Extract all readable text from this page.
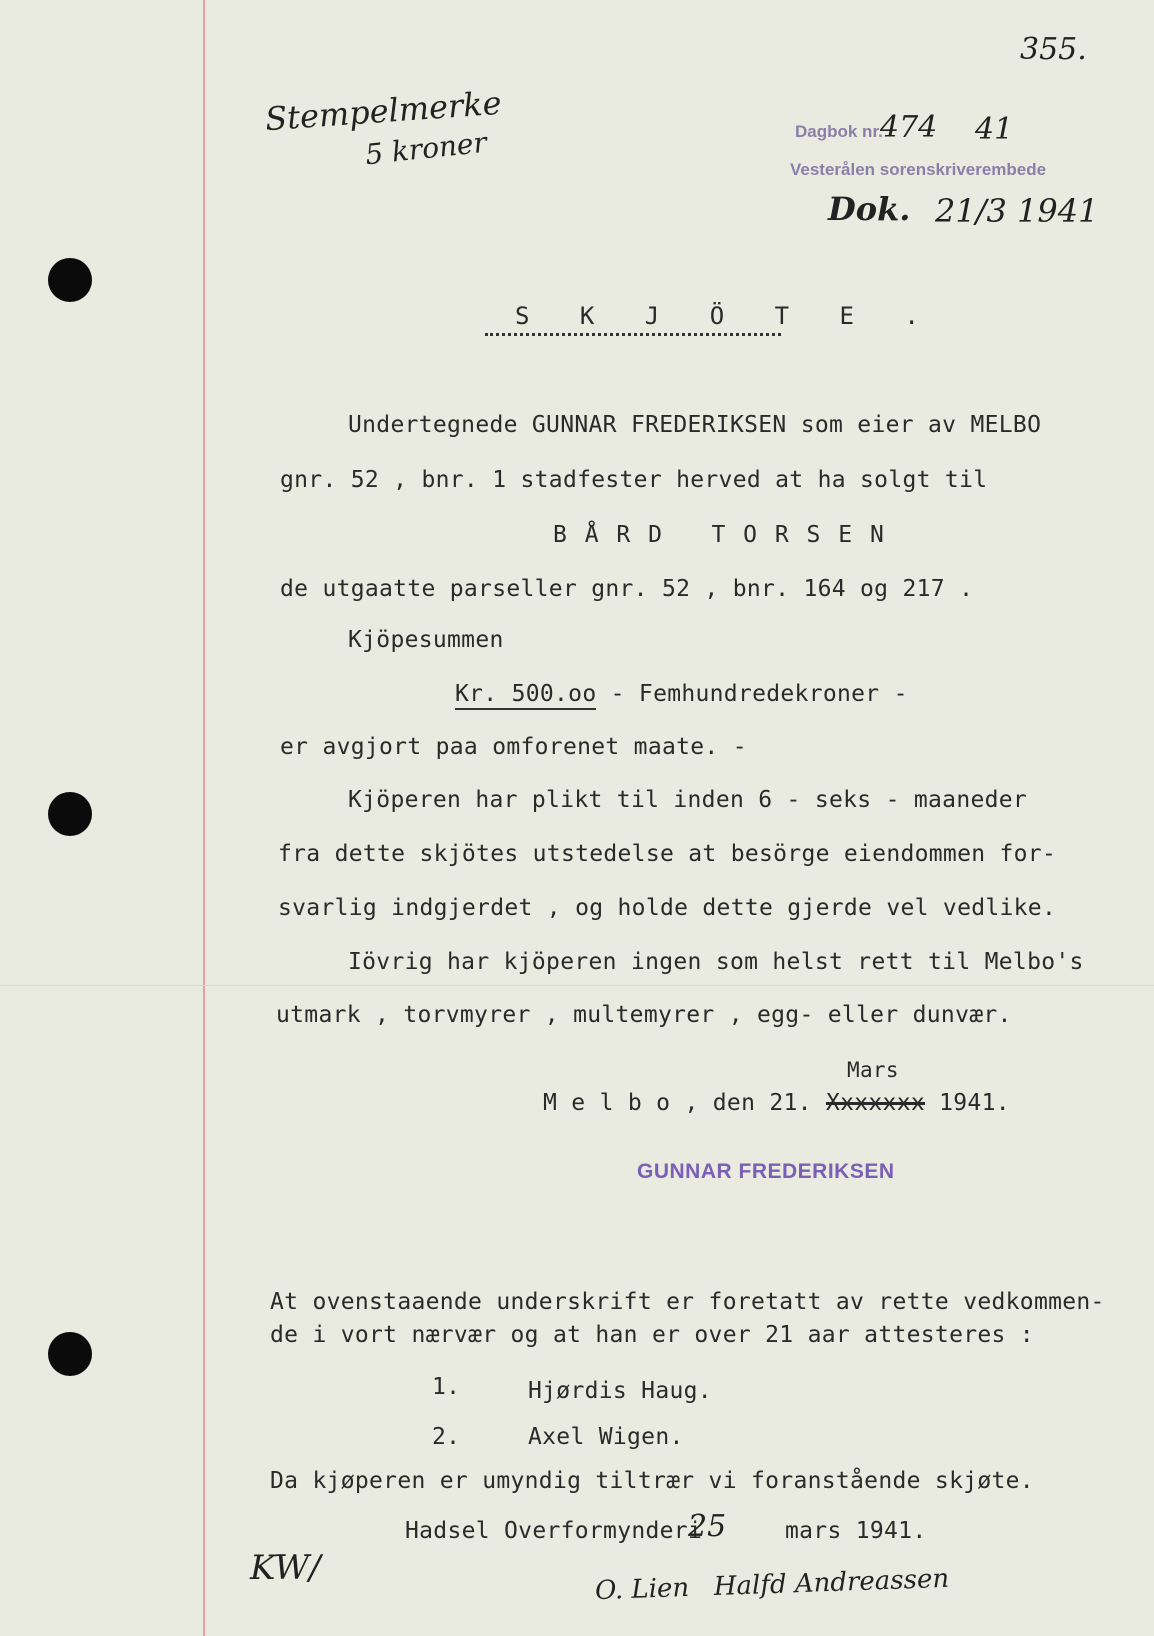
355.
Stempelmerke
5 kroner	Dagbok nr.
474 41
Vesterålen sorenskriverembede
Dok. 21/3 1941
S K J Ö T E .
Undertegnede GUNNAR FREDERIKSEN som eier av MELBO
gnr. 52 , bnr. 1 stadfester herved at ha solgt til
B Å R D   T O R S E N
de utgaatte parseller gnr. 52 , bnr. 164 og 217 .
Kjöpesummen
Kr. 500.oo - Femhundredekroner -
er avgjort paa omforenet maate. -
Kjöperen har plikt til inden 6 - seks - maaneder
fra dette skjötes utstedelse at besörge eiendommen for-
svarlig indgjerdet , og holde dette gjerde vel vedlike.
Iövrig har kjöperen ingen som helst rett til Melbo's
utmark , torvmyrer , multemyrer , egg- eller dunvær.
Mars
M e l b o , den 21. Xxxxxxx 1941.
GUNNAR FREDERIKSEN
At ovenstaaende underskrift er foretatt av rette vedkommen-
de i vort nærvær og at han er over 21 aar attesteres :
1.	Hjørdis Haug.
2.	Axel Wigen.
Da kjøperen er umyndig tiltrær vi foranstående skjøte.
Hadsel Overformynderi
25	mars 1941.
KW/	O. Lien   Halfd Andreassen
